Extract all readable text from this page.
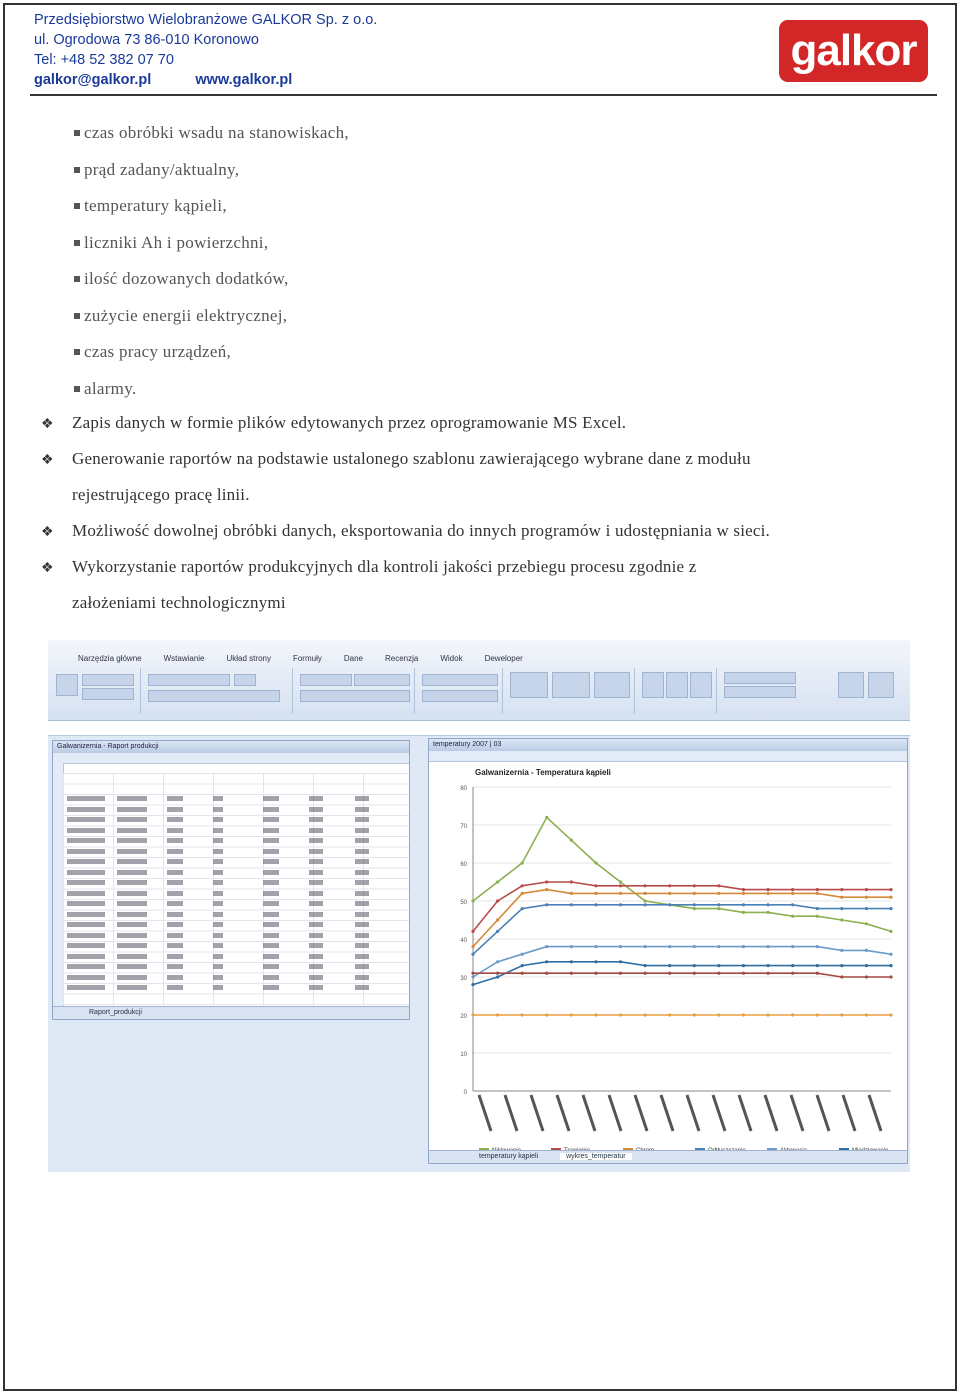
Przedsiębiorstwo Wielobranżowe GALKOR Sp. z o.o.
ul. Ogrodowa 73 86-010 Koronowo
Tel: +48 52 382 07 70
galkor@galkor.pl	www.galkor.pl
galkor
czas obróbki wsadu na stanowiskach,
prąd zadany/aktualny,
temperatury kąpieli,
liczniki Ah i powierzchni,
ilość dozowanych dodatków,
zużycie energii elektrycznej,
czas pracy urządzeń,
alarmy.
❖ Zapis danych w formie plików edytowanych przez oprogramowanie MS Excel.
❖ Generowanie raportów na podstawie ustalonego szablonu zawierającego wybrane dane z modułu
rejestrującego pracę linii.
❖ Możliwość dowolnej obróbki danych, eksportowania do innych programów i udostępniania w sieci.
❖ Wykorzystanie raportów produkcyjnych dla kontroli jakości przebiegu procesu zgodnie z
założeniami technologicznymi
Narzędzia główne	Wstawianie	Układ strony	Formuły	Dane	Recenzja	Widok	Deweloper
Galwanizernia - Raport produkcji
Raport_produkcji
temperatury 2007 | 03
Galwanizernia - Temperatura kąpieli
0
10
20
30
40
50
60
70
80
temperatury kąpieli	wykres_temperatur
